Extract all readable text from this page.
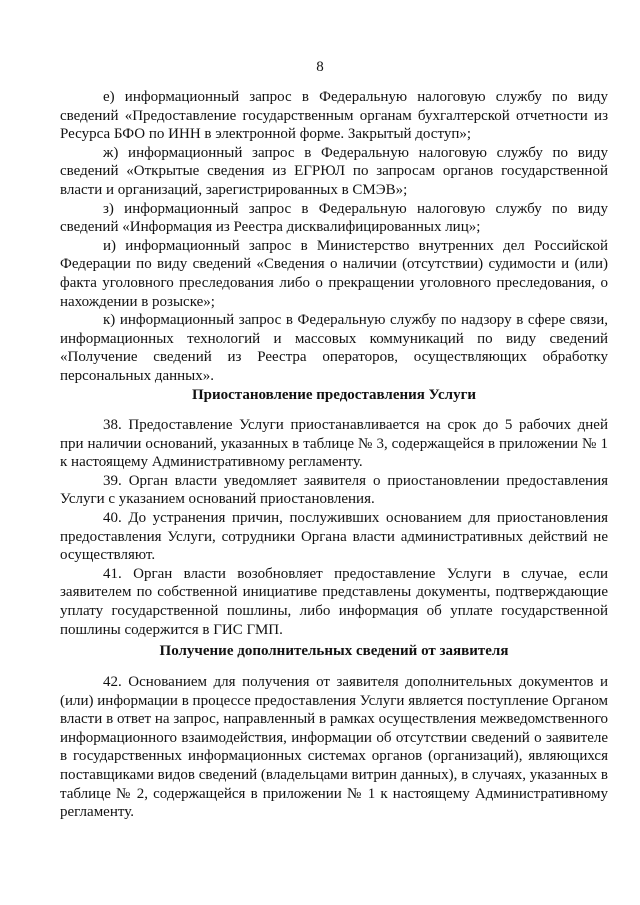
8

е) информационный запрос в Федеральную налоговую службу по виду сведений «Предоставление государственным органам бухгалтерской отчетности из Ресурса БФО по ИНН в электронной форме. Закрытый доступ»;

ж) информационный запрос в Федеральную налоговую службу по виду сведений «Открытые сведения из ЕГРЮЛ по запросам органов государственной власти и организаций, зарегистрированных в СМЭВ»;

з) информационный запрос в Федеральную налоговую службу по виду сведений «Информация из Реестра дисквалифицированных лиц»;

и) информационный запрос в Министерство внутренних дел Российской Федерации по виду сведений «Сведения о наличии (отсутствии) судимости и (или) факта уголовного преследования либо о прекращении уголовного преследования, о нахождении в розыске»;

к) информационный запрос в Федеральную службу по надзору в сфере связи, информационных технологий и массовых коммуникаций по виду сведений «Получение сведений из Реестра операторов, осуществляющих обработку персональных данных».

Приостановление предоставления Услуги

38. Предоставление Услуги приостанавливается на срок до 5 рабочих дней при наличии оснований, указанных в таблице № 3, содержащейся в приложении № 1 к настоящему Административному регламенту.

39. Орган власти уведомляет заявителя о приостановлении предоставления Услуги с указанием оснований приостановления.

40. До устранения причин, послуживших основанием для приостановления предоставления Услуги, сотрудники Органа власти административных действий не осуществляют.

41. Орган власти возобновляет предоставление Услуги в случае, если заявителем по собственной инициативе представлены документы, подтверждающие уплату государственной пошлины, либо информация об уплате государственной пошлины содержится в ГИС ГМП.

Получение дополнительных сведений от заявителя

42. Основанием для получения от заявителя дополнительных документов и (или) информации в процессе предоставления Услуги является поступление Органом власти в ответ на запрос, направленный в рамках осуществления межведомственного информационного взаимодействия, информации об отсутствии сведений о заявителе в государственных информационных системах органов (организаций), являющихся поставщиками видов сведений (владельцами витрин данных), в случаях, указанных в таблице № 2, содержащейся в приложении № 1 к настоящему Административному регламенту.
